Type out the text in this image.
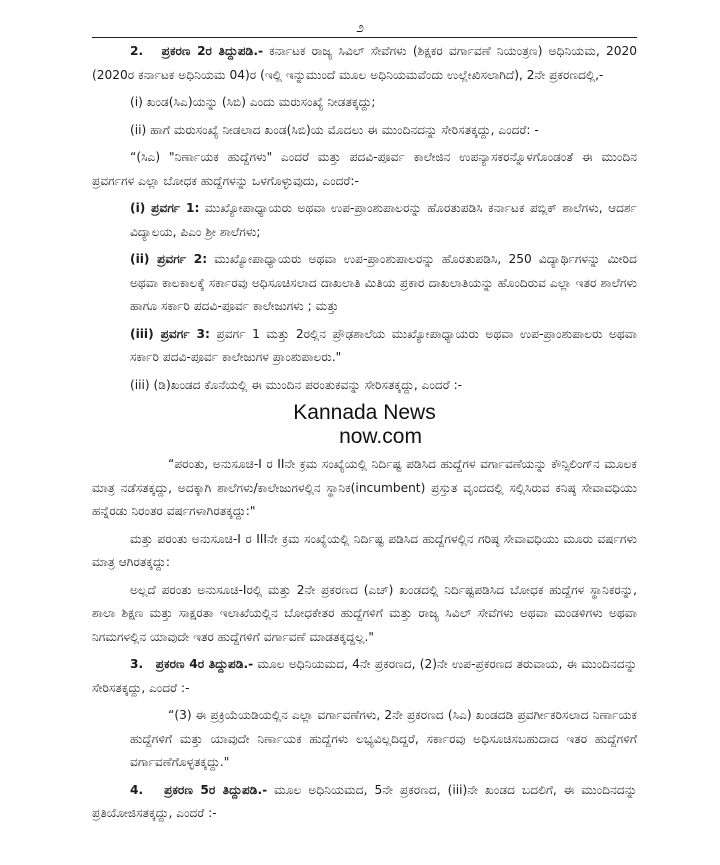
೨

2. ಪ್ರಕರಣ 2ರ ತಿದ್ದುಪಡಿ.- ಕರ್ನಾಟಕ ರಾಜ್ಯ ಸಿವಿಲ್ ಸೇವೆಗಳು (ಶಿಕ್ಷಕರ ವರ್ಗಾವಣೆ ನಿಯಂತ್ರಣ) ಅಧಿನಿಯಮ, 2020 (2020ರ ಕರ್ನಾಟಕ ಅಧಿನಿಯಮ 04)ರ (ಇಲ್ಲಿ ಇನ್ನುಮುಂದೆ ಮೂಲ ಅಧಿನಿಯಮವೆಂದು ಉಲ್ಲೇಖಿಸಲಾಗಿದೆ), 2ನೇ ಪ್ರಕರಣದಲ್ಲಿ,-

(i) ಖಂಡ(ಸಿಎ)ಯನ್ನು (ಸಿಬಿ) ಎಂದು ಮರುಸಂಖ್ಯೆ ನೀಡತಕ್ಕದ್ದು;

(ii) ಹಾಗೆ ಮರುಸಂಖ್ಯೆ ನೀಡಲಾದ ಖಂಡ(ಸಿಬಿ)ಯ ಮೊದಲು ಈ ಮುಂದಿನದನ್ನು ಸೇರಿಸತಕ್ಕದ್ದು, ಎಂದರೆ: -

“(ಸಿಎ) "ನಿರ್ಣಾಯಕ ಹುದ್ದೆಗಳು" ಎಂದರೆ ಮತ್ತು ಪದವಿ-ಪೂರ್ವ ಕಾಲೇಜಿನ ಉಪನ್ಯಾಸಕರನ್ನೊಳಗೊಂಡಂತೆ ಈ ಮುಂದಿನ ಪ್ರವರ್ಗಗಳ ಎಲ್ಲಾ ಬೋಧಕ ಹುದ್ದೆಗಳನ್ನು ಒಳಗೊಳ್ಳುವುದು, ಎಂದರೆ:-

(i) ಪ್ರವರ್ಗ 1: ಮುಖ್ಯೋಪಾಧ್ಯಾಯರು ಅಥವಾ ಉಪ-ಪ್ರಾಂಶುಪಾಲರನ್ನು ಹೊರತುಪಡಿಸಿ ಕರ್ನಾಟಕ ಪಬ್ಲಿಕ್ ಶಾಲೆಗಳು, ಆದರ್ಶ ವಿದ್ಯಾಲಯ, ಪಿಎಂ ಶ್ರೀ ಶಾಲೆಗಳು;

(ii) ಪ್ರವರ್ಗ 2: ಮುಖ್ಯೋಪಾಧ್ಯಾಯರು ಅಥವಾ ಉಪ-ಪ್ರಾಂಶುಪಾಲರನ್ನು ಹೊರತುಪಡಿಸಿ, 250 ವಿದ್ಯಾರ್ಥಿಗಳನ್ನು ಮೀರಿದ ಅಥವಾ ಕಾಲಕಾಲಕ್ಕೆ ಸರ್ಕಾರವು ಅಧಿಸೂಚಿಸಲಾದ ದಾಖಲಾತಿ ಮಿತಿಯ ಪ್ರಕಾರ ದಾಖಲಾತಿಯನ್ನು ಹೊಂದಿರುವ ಎಲ್ಲಾ ಇತರ ಶಾಲೆಗಳು ಹಾಗೂ ಸರ್ಕಾರಿ ಪದವಿ-ಪೂರ್ವ ಕಾಲೇಜುಗಳು ; ಮತ್ತು

(iii) ಪ್ರವರ್ಗ 3: ಪ್ರವರ್ಗ 1 ಮತ್ತು 2ರಲ್ಲಿನ ಪ್ರೌಢಶಾಲೆಯ ಮುಖ್ಯೋಪಾಧ್ಯಾಯರು ಅಥವಾ ಉಪ-ಪ್ರಾಂಶುಪಾಲರು ಅಥವಾ ಸರ್ಕಾರಿ ಪದವಿ-ಪೂರ್ವ ಕಾಲೇಜುಗಳ ಪ್ರಾಂಶುಪಾಲರು."

(iii) (ಡಿ)ಖಂಡದ ಕೊನೆಯಲ್ಲಿ ಈ ಮುಂದಿನ ಪರಂತುಕವನ್ನು ಸೇರಿಸತಕ್ಕದ್ದು, ಎಂದರೆ :-

Kannada News
now.com

“ಪರಂತು, ಅನುಸೂಚಿ-I ರ IIನೇ ಕ್ರಮ ಸಂಖ್ಯೆಯಲ್ಲಿ ನಿರ್ದಿಷ್ಟ ಪಡಿಸಿದ ಹುದ್ದೆಗಳ ವರ್ಗಾವಣೆಯನ್ನು ಕೌನ್ಸಿಲಿಂಗ್‌ನ ಮೂಲಕ ಮಾತ್ರ ನಡೆಸತಕ್ಕದ್ದು, ಅದಕ್ಕಾಗಿ ಶಾಲೆಗಳು/ಕಾಲೇಜುಗಳಲ್ಲಿನ ಸ್ಥಾನಿಕ(incumbent) ಪ್ರಸ್ತುತ ವೃಂದದಲ್ಲಿ ಸಲ್ಲಿಸಿರುವ ಕನಿಷ್ಠ ಸೇವಾವಧಿಯು ಹನ್ನೆರಡು ನಿರಂತರ ವರ್ಷಗಳಾಗಿರತಕ್ಕದ್ದು:"

ಮತ್ತು ಪರಂತು ಅನುಸೂಚಿ-I ರ IIIನೇ ಕ್ರಮ ಸಂಖ್ಯೆಯಲ್ಲಿ ನಿರ್ದಿಷ್ಟ ಪಡಿಸಿದ ಹುದ್ದೆಗಳಲ್ಲಿನ ಗರಿಷ್ಠ ಸೇವಾವಧಿಯು ಮೂರು ವರ್ಷಗಳು ಮಾತ್ರ ಆಗಿರತಕ್ಕದ್ದು:

ಅಲ್ಲದೆ ಪರಂತು ಅನುಸೂಚಿ-Iರಲ್ಲಿ ಮತ್ತು 2ನೇ ಪ್ರಕರಣದ (ಎಚ್) ಖಂಡದಲ್ಲಿ ನಿರ್ದಿಷ್ಟಪಡಿಸಿದ ಬೋಧಕ ಹುದ್ದೆಗಳ ಸ್ಥಾನಿಕರನ್ನು, ಶಾಲಾ ಶಿಕ್ಷಣ ಮತ್ತು ಸಾಕ್ಷರತಾ ಇಲಾಖೆಯಲ್ಲಿನ ಬೋಧಕೇತರ ಹುದ್ದೆಗಳಿಗೆ ಮತ್ತು ರಾಜ್ಯ ಸಿವಿಲ್ ಸೇವೆಗಳು ಅಥವಾ ಮಂಡಳಿಗಳು ಅಥವಾ ನಿಗಮಗಳಲ್ಲಿನ ಯಾವುದೇ ಇತರ ಹುದ್ದೆಗಳಿಗೆ ವರ್ಗಾವಣೆ ಮಾಡತಕ್ಕದ್ದಲ್ಲ."

3. ಪ್ರಕರಣ 4ರ ತಿದ್ದುಪಡಿ.- ಮೂಲ ಅಧಿನಿಯಮದ, 4ನೇ ಪ್ರಕರಣದ, (2)ನೇ ಉಪ-ಪ್ರಕರಣದ ತರುವಾಯ, ಈ ಮುಂದಿನದನ್ನು ಸೇರಿಸತಕ್ಕದ್ದು, ಎಂದರೆ :-

“(3) ಈ ಪ್ರಕ್ರಿಯೆಯಡಿಯಲ್ಲಿನ ಎಲ್ಲಾ ವರ್ಗಾವಣೆಗಳು, 2ನೇ ಪ್ರಕರಣದ (ಸಿಎ) ಖಂಡದಡಿ ಪ್ರವರ್ಗೀಕರಿಸಲಾದ ನಿರ್ಣಾಯಕ ಹುದ್ದೆಗಳಿಗೆ ಮತ್ತು ಯಾವುದೇ ನಿರ್ಣಾಯಕ ಹುದ್ದೆಗಳು ಲಭ್ಯವಿಲ್ಲದಿದ್ದರೆ, ಸರ್ಕಾರವು ಅಧಿಸೂಚಿಸಬಹುದಾದ ಇತರ ಹುದ್ದೆಗಳಿಗೆ ವರ್ಗಾವಣೆಗೊಳ್ಳತಕ್ಕದ್ದು."

4. ಪ್ರಕರಣ 5ರ ತಿದ್ದುಪಡಿ.- ಮೂಲ ಅಧಿನಿಯಮದ, 5ನೇ ಪ್ರಕರಣದ, (iii)ನೇ ಖಂಡದ ಬದಲಿಗೆ, ಈ ಮುಂದಿನದನ್ನು ಪ್ರತಿಯೋಜಿಸತಕ್ಕದ್ದು, ಎಂದರೆ :-
